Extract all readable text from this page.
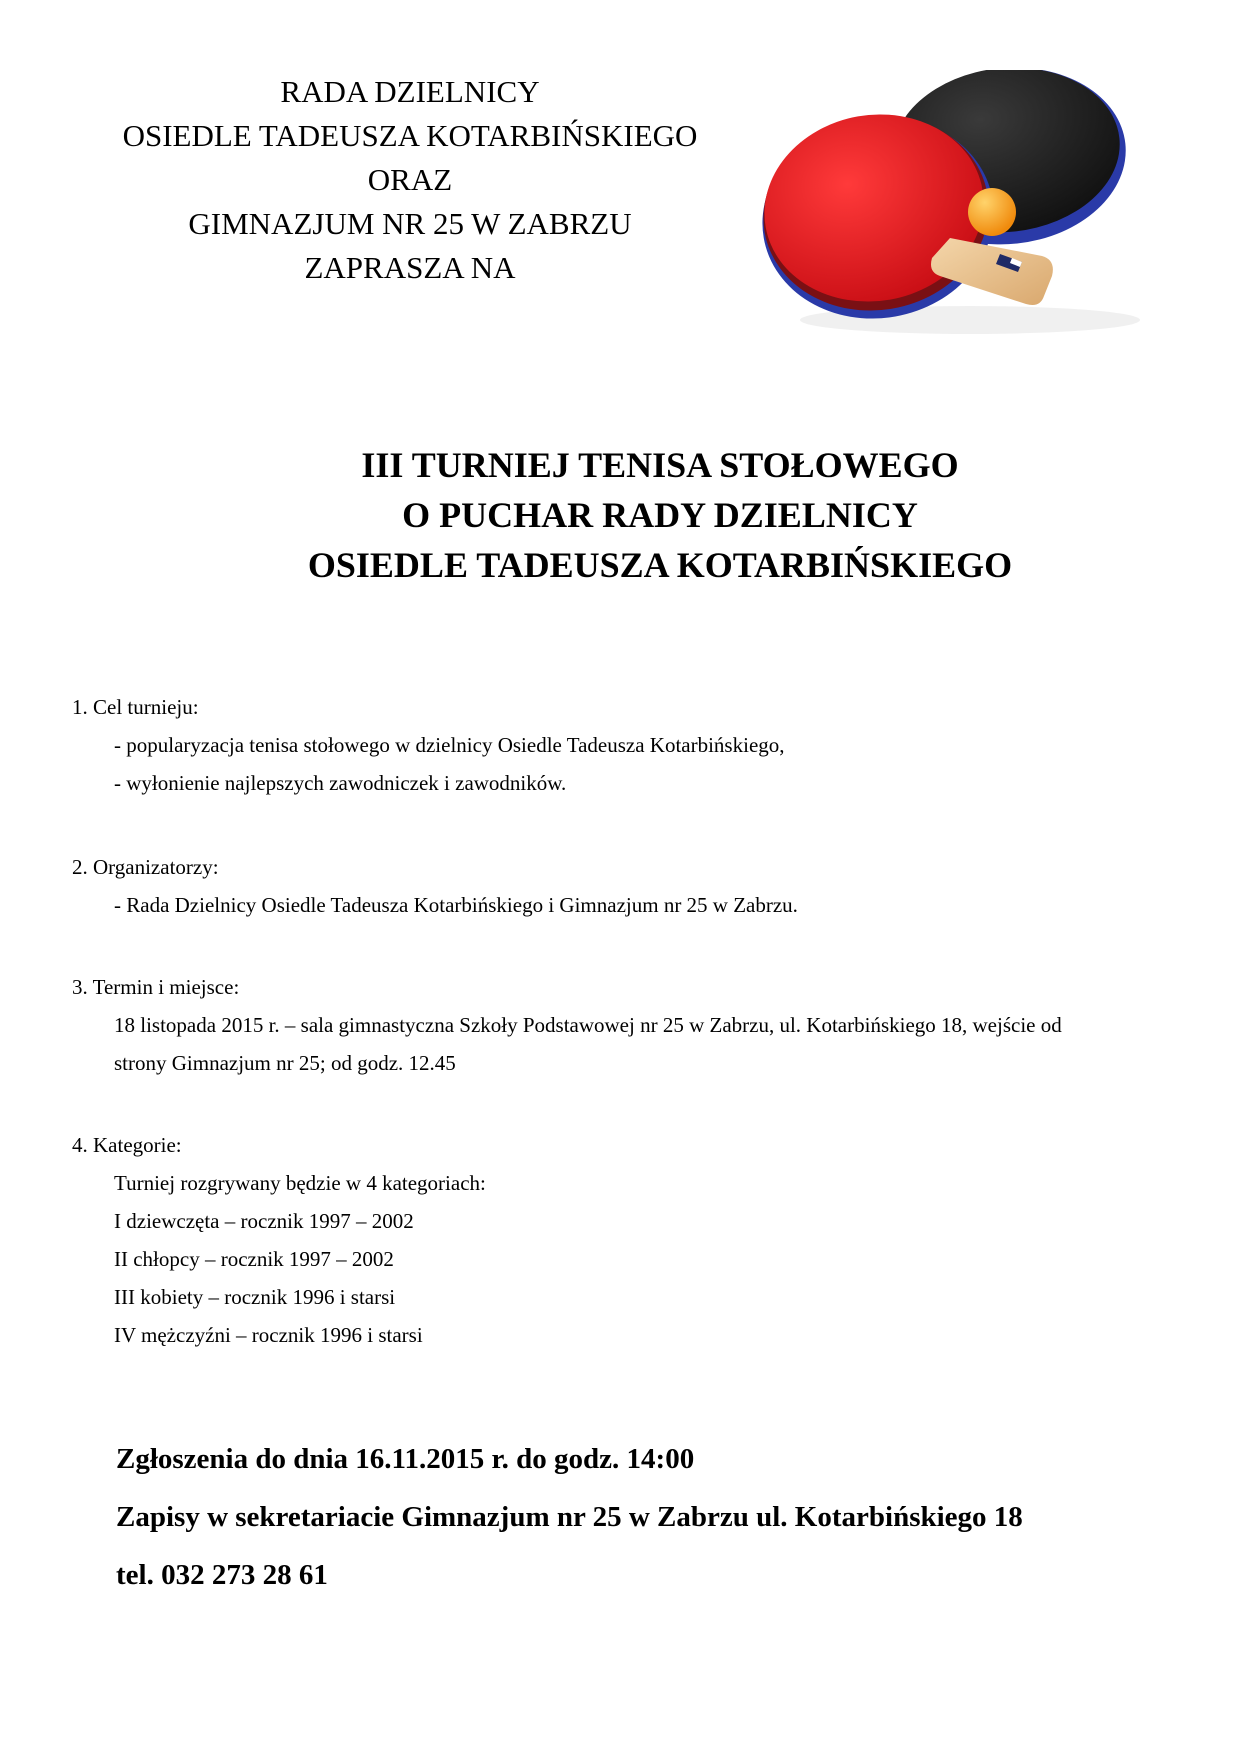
RADA DZIELNICY
OSIEDLE TADEUSZA KOTARBIŃSKIEGO
ORAZ
GIMNAZJUM NR 25 W ZABRZU
ZAPRASZA NA
III TURNIEJ TENISA STOŁOWEGO
O PUCHAR RADY DZIELNICY
OSIEDLE TADEUSZA KOTARBIŃSKIEGO
1. Cel turnieju:
- popularyzacja tenisa stołowego w dzielnicy Osiedle Tadeusza Kotarbińskiego,
- wyłonienie najlepszych zawodniczek i zawodników.
2. Organizatorzy:
- Rada Dzielnicy Osiedle Tadeusza Kotarbińskiego i Gimnazjum nr 25 w Zabrzu.
3. Termin i miejsce:
18 listopada 2015 r. – sala gimnastyczna Szkoły Podstawowej nr 25 w Zabrzu, ul. Kotarbińskiego 18, wejście od
strony Gimnazjum nr 25; od godz. 12.45
4. Kategorie:
Turniej rozgrywany będzie w 4 kategoriach:
I dziewczęta – rocznik 1997 – 2002
II chłopcy – rocznik 1997 – 2002
III kobiety – rocznik 1996 i starsi
IV mężczyźni – rocznik 1996 i starsi
Zgłoszenia do dnia 16.11.2015 r. do godz. 14:00
Zapisy w sekretariacie Gimnazjum nr 25 w Zabrzu ul. Kotarbińskiego 18
tel. 032 273 28 61
